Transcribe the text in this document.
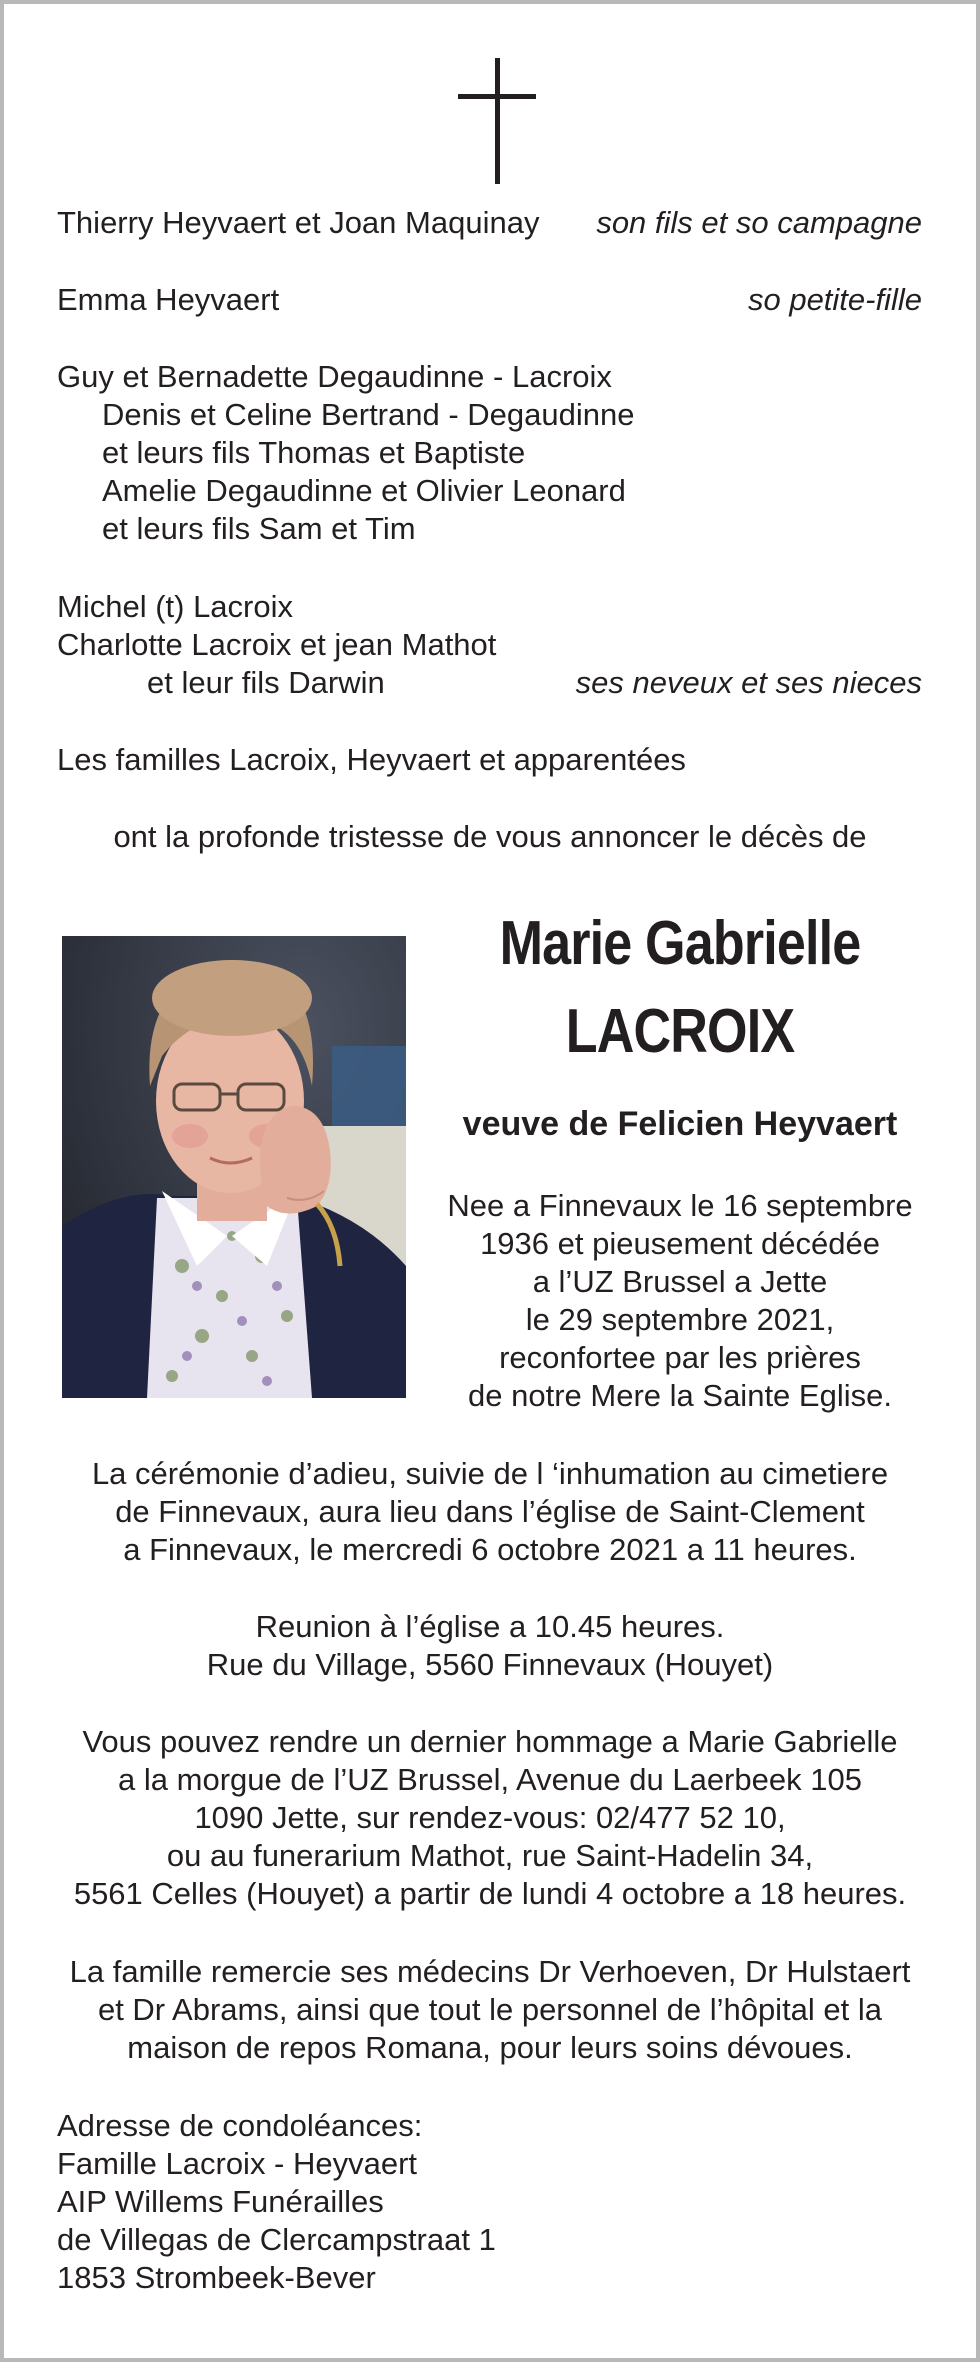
Thierry Heyvaert et Joan Maquinay son fils et so campagne
Emma Heyvaert	so petite-fille
Guy et Bernadette Degaudinne - Lacroix
Denis et Celine Bertrand - Degaudinne
et leurs fils Thomas et Baptiste
Amelie Degaudinne et Olivier Leonard
et leurs fils Sam et Tim
Michel (t) Lacroix
Charlotte Lacroix et jean Mathot
et leur fils Darwin	ses neveux et ses nieces
Les familles Lacroix, Heyvaert et apparentées
ont la profonde tristesse de vous annoncer le décès de
Marie Gabrielle
LACROIX
veuve de Felicien Heyvaert
Nee a Finnevaux le 16 septembre
1936 et pieusement décédée
a l’UZ Brussel a Jette
le 29 septembre 2021,
reconfortee par les prières
de notre Mere la Sainte Eglise.
La cérémonie d’adieu, suivie de l ‘inhumation au cimetiere
de Finnevaux, aura lieu dans l’église de Saint-Clement
a Finnevaux, le mercredi 6 octobre 2021 a 11 heures.
Reunion à l’église a 10.45 heures.
Rue du Village, 5560 Finnevaux (Houyet)
Vous pouvez rendre un dernier hommage a Marie Gabrielle
a la morgue de l’UZ Brussel, Avenue du Laerbeek 105
1090 Jette, sur rendez-vous: 02/477 52 10,
ou au funerarium Mathot, rue Saint-Hadelin 34,
5561 Celles (Houyet) a partir de lundi 4 octobre a 18 heures.
La famille remercie ses médecins Dr Verhoeven, Dr Hulstaert
et Dr Abrams, ainsi que tout le personnel de l’hôpital et la
maison de repos Romana, pour leurs soins dévoues.
Adresse de condoléances:
Famille Lacroix - Heyvaert
AIP Willems Funérailles
de Villegas de Clercampstraat 1
1853 Strombeek-Bever
